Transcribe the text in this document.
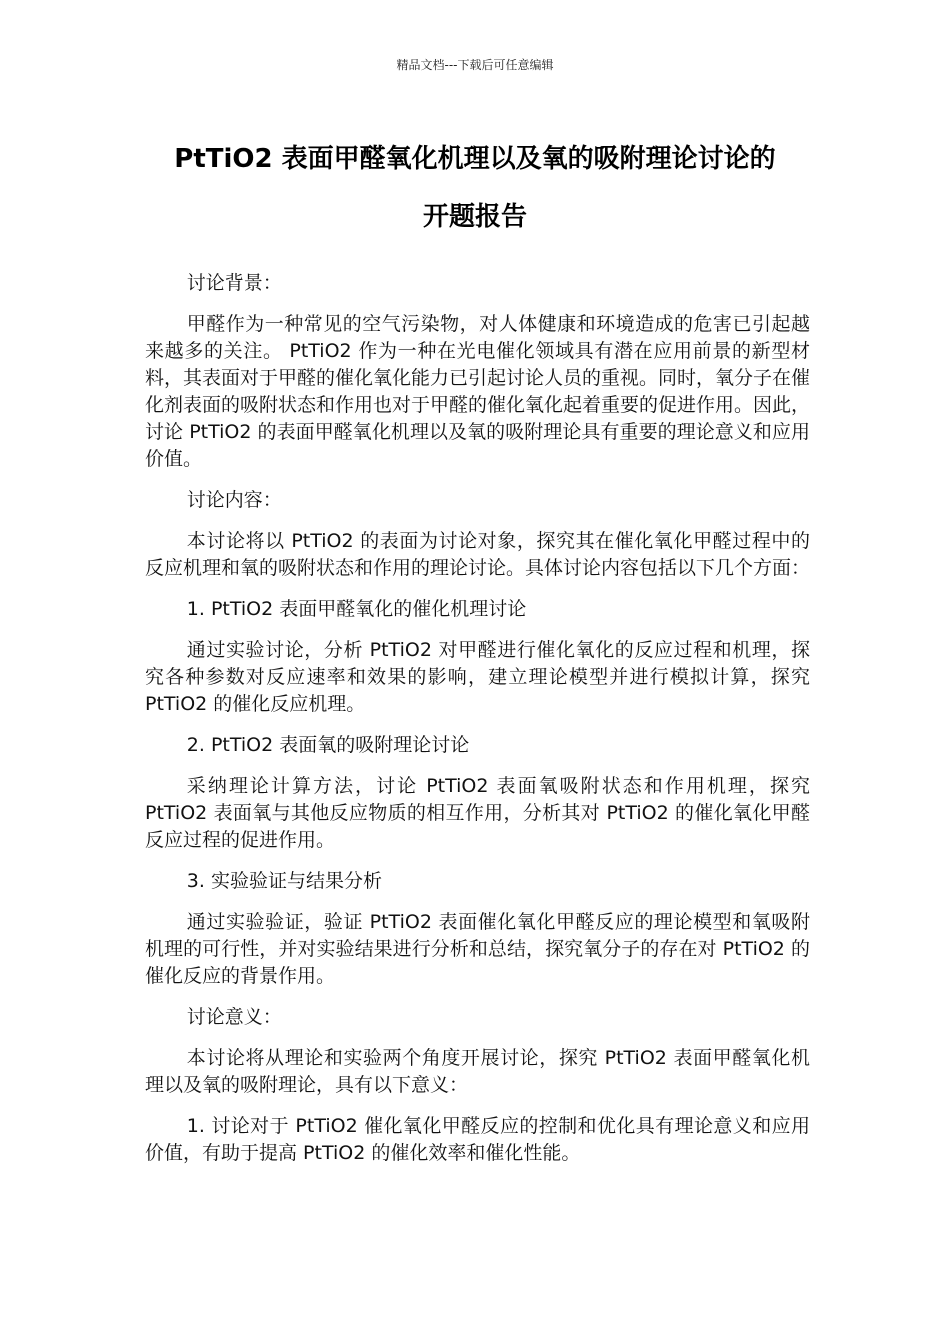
精品文档---下载后可任意编辑
PtTiO2 表面甲醛氧化机理以及氧的吸附理论讨论的
开题报告

讨论背景：

甲醛作为一种常见的空气污染物，对人体健康和环境造成的危害已引起越来越多的关注。 PtTiO2 作为一种在光电催化领域具有潜在应用前景的新型材料，其表面对于甲醛的催化氧化能力已引起讨论人员的重视。同时，氧分子在催化剂表面的吸附状态和作用也对于甲醛的催化氧化起着重要的促进作用。因此，讨论 PtTiO2 的表面甲醛氧化机理以及氧的吸附理论具有重要的理论意义和应用价值。

讨论内容：

本讨论将以 PtTiO2 的表面为讨论对象，探究其在催化氧化甲醛过程中的反应机理和氧的吸附状态和作用的理论讨论。具体讨论内容包括以下几个方面：

1. PtTiO2 表面甲醛氧化的催化机理讨论

通过实验讨论，分析 PtTiO2 对甲醛进行催化氧化的反应过程和机理，探究各种参数对反应速率和效果的影响，建立理论模型并进行模拟计算，探究 PtTiO2 的催化反应机理。

2. PtTiO2 表面氧的吸附理论讨论

采纳理论计算方法，讨论 PtTiO2 表面氧吸附状态和作用机理，探究 PtTiO2 表面氧与其他反应物质的相互作用，分析其对 PtTiO2 的催化氧化甲醛反应过程的促进作用。

3. 实验验证与结果分析

通过实验验证，验证 PtTiO2 表面催化氧化甲醛反应的理论模型和氧吸附机理的可行性，并对实验结果进行分析和总结，探究氧分子的存在对 PtTiO2 的催化反应的背景作用。

讨论意义：

本讨论将从理论和实验两个角度开展讨论，探究 PtTiO2 表面甲醛氧化机理以及氧的吸附理论，具有以下意义：

1. 讨论对于 PtTiO2 催化氧化甲醛反应的控制和优化具有理论意义和应用价值，有助于提高 PtTiO2 的催化效率和催化性能。
